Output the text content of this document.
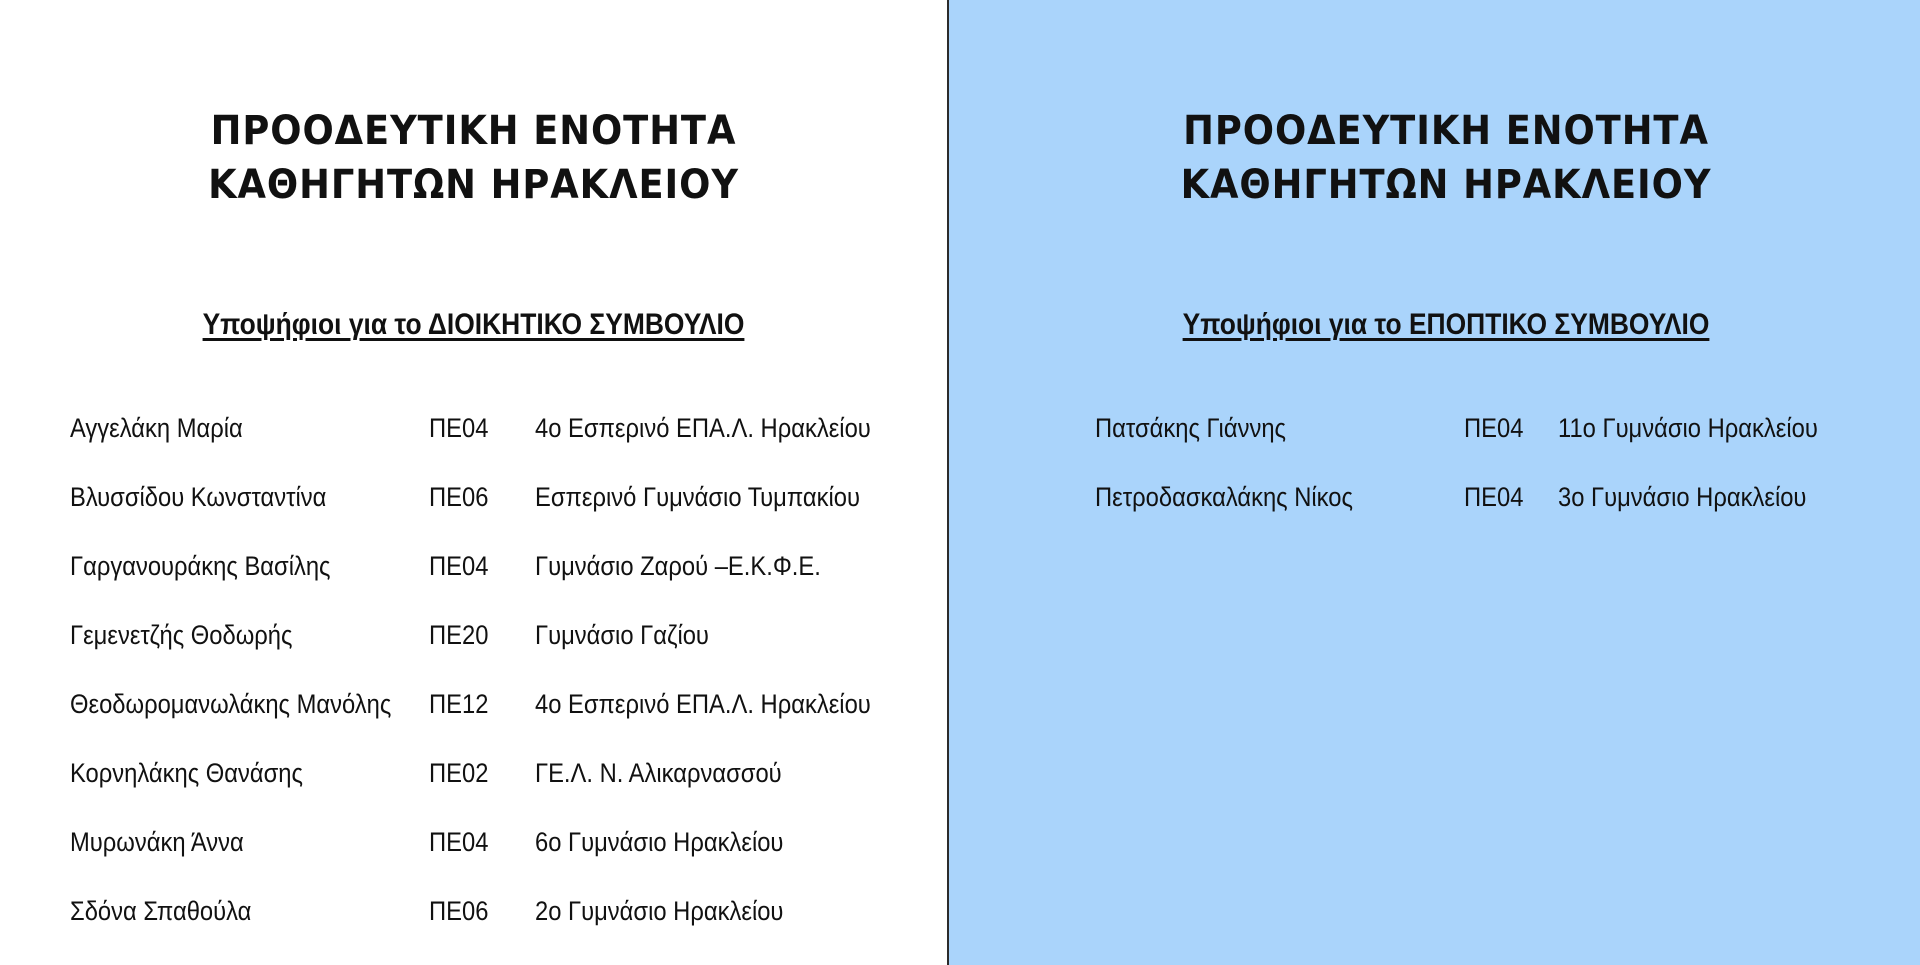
ΠΡΟΟΔΕΥΤΙΚΗ ΕΝΟΤΗΤΑ
ΚΑΘΗΓΗΤΩΝ ΗΡΑΚΛΕΙΟΥ
Υποψήφιοι για το ΔΙΟΙΚΗΤΙΚΟ ΣΥΜΒΟΥΛΙΟ
Αγγελάκη Μαρία	ΠΕ04 4ο Εσπερινό ΕΠΑ.Λ. Ηρακλείου
Βλυσσίδου Κωνσταντίνα	ΠΕ06 Εσπερινό Γυμνάσιο Τυμπακίου
Γαργανουράκης Βασίλης	ΠΕ04 Γυμνάσιο Ζαρού –Ε.Κ.Φ.Ε.
Γεμενετζής Θοδωρής	ΠΕ20 Γυμνάσιο Γαζίου
Θεοδωρομανωλάκης Μανόλης ΠΕ12 4ο Εσπερινό ΕΠΑ.Λ. Ηρακλείου
Κορνηλάκης Θανάσης	ΠΕ02 ΓΕ.Λ. Ν. Αλικαρνασσού
Μυρωνάκη Άννα	ΠΕ04 6ο Γυμνάσιο Ηρακλείου
Σδόνα Σπαθούλα	ΠΕ06 2ο Γυμνάσιο Ηρακλείου
ΠΡΟΟΔΕΥΤΙΚΗ ΕΝΟΤΗΤΑ
ΚΑΘΗΓΗΤΩΝ ΗΡΑΚΛΕΙΟΥ
Υποψήφιοι για το ΕΠΟΠΤΙΚΟ ΣΥΜΒΟΥΛΙΟ
Πατσάκης Γιάννης	ΠΕ04 11ο Γυμνάσιο Ηρακλείου
Πετροδασκαλάκης Νίκος	ΠΕ04 3ο Γυμνάσιο Ηρακλείου
